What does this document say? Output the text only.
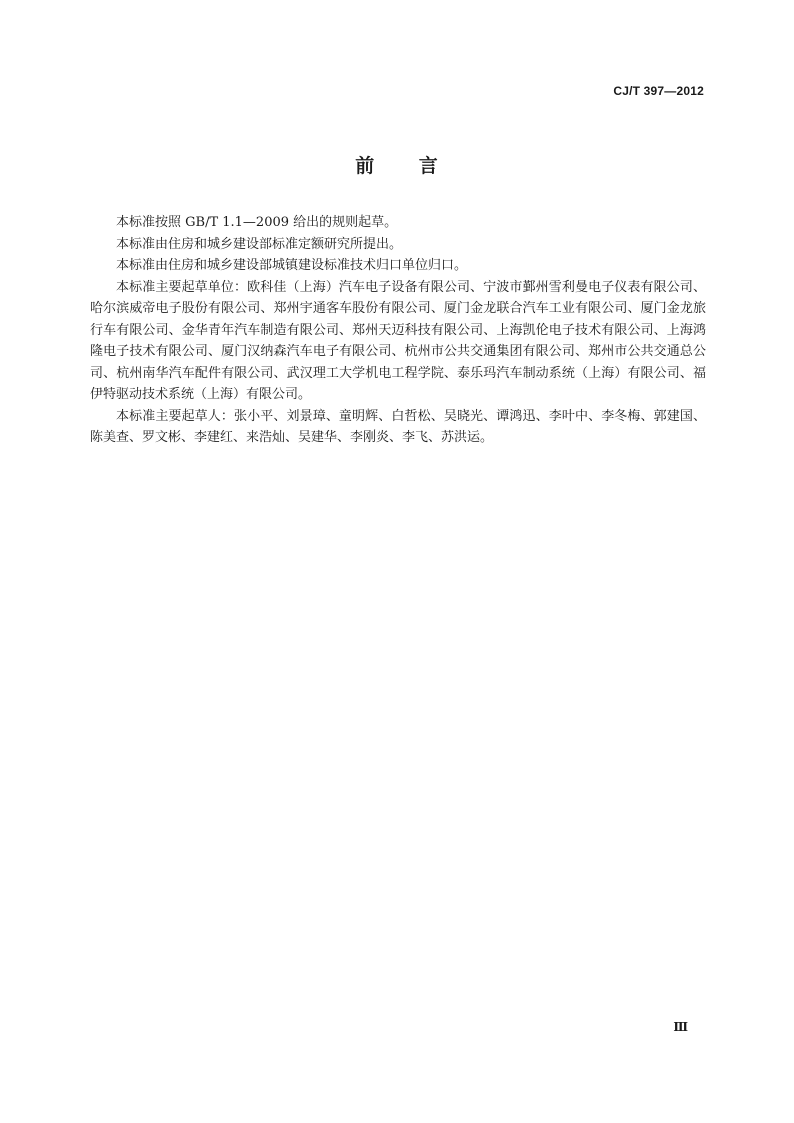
CJ/T 397—2012
前 言

本标准按照 GB/T 1.1—2009 给出的规则起草。

本标准由住房和城乡建设部标准定额研究所提出。

本标准由住房和城乡建设部城镇建设标准技术归口单位归口。

本标准主要起草单位：欧科佳（上海）汽车电子设备有限公司、宁波市鄞州雪利曼电子仪表有限公司、哈尔滨威帝电子股份有限公司、郑州宇通客车股份有限公司、厦门金龙联合汽车工业有限公司、厦门金龙旅行车有限公司、金华青年汽车制造有限公司、郑州天迈科技有限公司、上海凯伦电子技术有限公司、上海鸿隆电子技术有限公司、厦门汉纳森汽车电子有限公司、杭州市公共交通集团有限公司、郑州市公共交通总公司、杭州南华汽车配件有限公司、武汉理工大学机电工程学院、泰乐玛汽车制动系统（上海）有限公司、福伊特驱动技术系统（上海）有限公司。

本标准主要起草人：张小平、刘景璋、童明辉、白哲松、吴晓光、谭鸿迅、李叶中、李冬梅、郭建国、陈美查、罗文彬、李建红、来浩灿、吴建华、李刚炎、李飞、苏洪运。

Ⅲ
